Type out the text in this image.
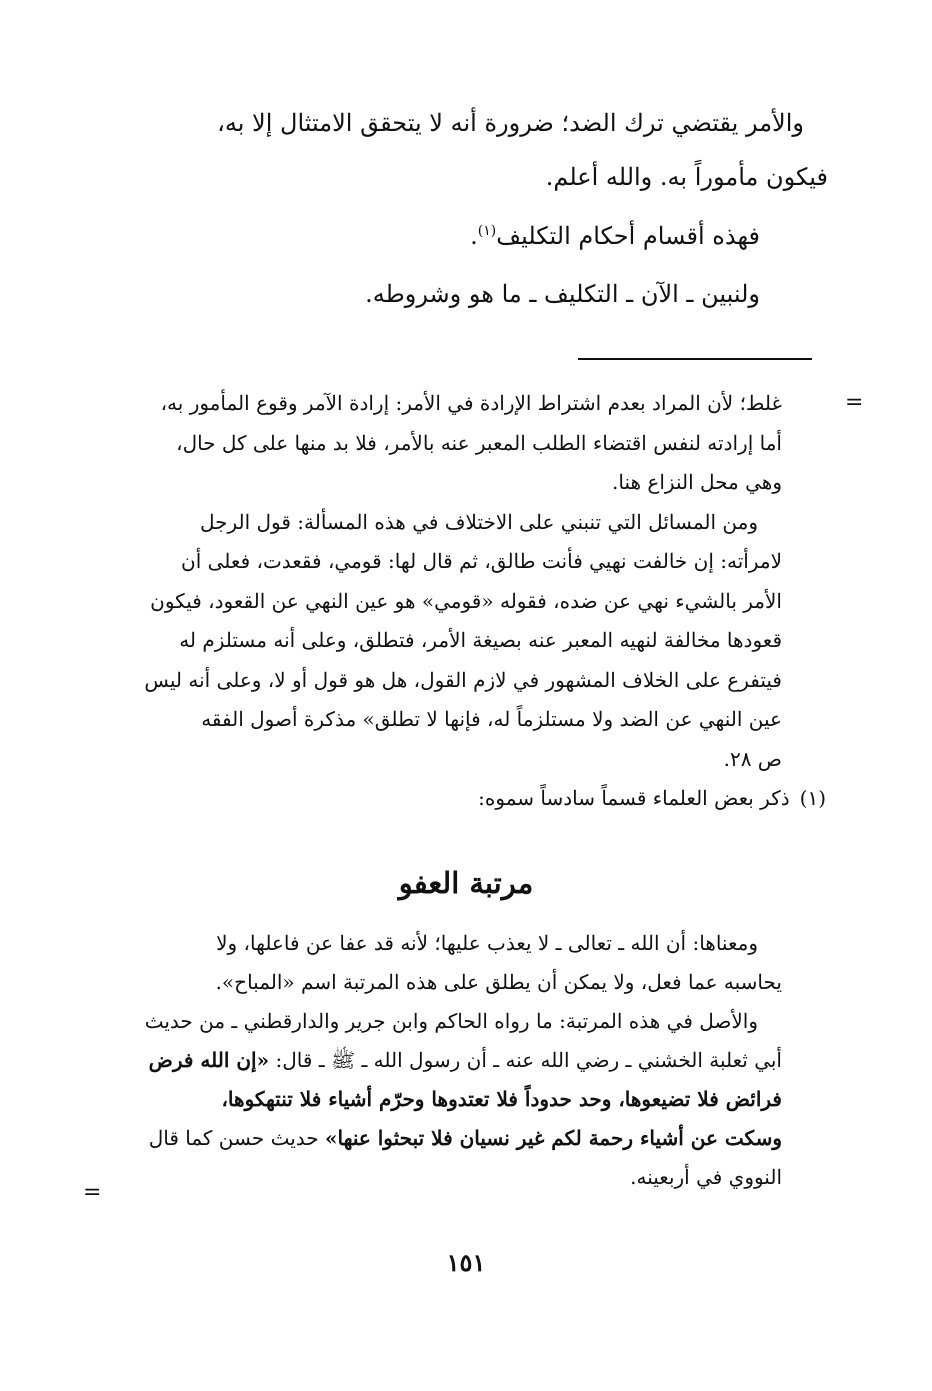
والأمر يقتضي ترك الضد؛ ضرورة أنه لا يتحقق الامتثال إلا به،
فيكون مأموراً به. والله أعلم.
فهذه أقسام أحكام التكليف$^{(١)}$.
ولنبين ـ الآن ـ التكليف ـ ما هو وشروطه.
=
غلط؛ لأن المراد بعدم اشتراط الإرادة في الأمر: إرادة الآمر وقوع المأمور به،
أما إرادته لنفس اقتضاء الطلب المعبر عنه بالأمر، فلا بد منها على كل حال،
وهي محل النزاع هنا.
ومن المسائل التي تنبني على الاختلاف في هذه المسألة: قول الرجل
لامرأته: إن خالفت نهيي فأنت طالق، ثم قال لها: قومي، فقعدت، فعلى أن
الأمر بالشيء نهي عن ضده، فقوله «قومي» هو عين النهي عن القعود، فيكون
قعودها مخالفة لنهيه المعبر عنه بصيغة الأمر، فتطلق، وعلى أنه مستلزم له
فيتفرع على الخلاف المشهور في لازم القول، هل هو قول أو لا، وعلى أنه ليس
عين النهي عن الضد ولا مستلزماً له، فإنها لا تطلق» مذكرة أصول الفقه
ص ٢٨.
(١)ذكر بعض العلماء قسماً سادساً سموه:
مرتبة العفو
ومعناها: أن الله ـ تعالى ـ لا يعذب عليها؛ لأنه قد عفا عن فاعلها، ولا
يحاسبه عما فعل، ولا يمكن أن يطلق على هذه المرتبة اسم «المباح».
والأصل في هذه المرتبة: ما رواه الحاكم وابن جرير والدارقطني ـ من حديث
أبي ثعلبة الخشني ـ رضي الله عنه ـ أن رسول الله ـ ﷺ ـ قال: «إن الله فرض
فرائض فلا تضيعوها، وحد حدوداً فلا تعتدوها وحرّم أشياء فلا تنتهكوها،
وسكت عن أشياء رحمة لكم غير نسيان فلا تبحثوا عنها» حديث حسن كما قال
النووي في أربعينه.
=
١٥١
